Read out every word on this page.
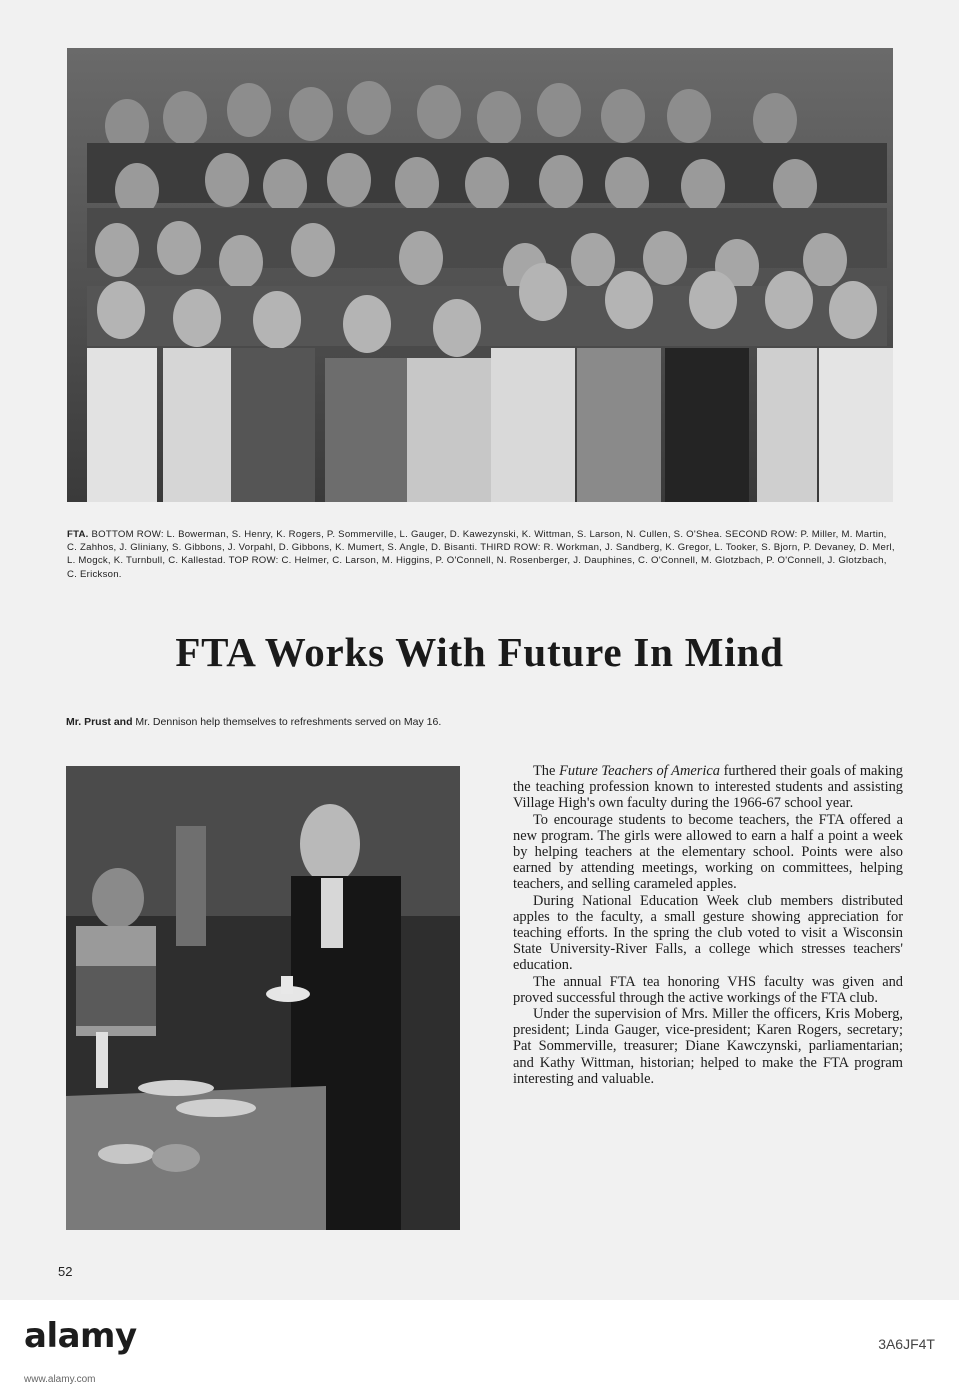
FTA. BOTTOM ROW: L. Bowerman, S. Henry, K. Rogers, P. Sommerville, L. Gauger, D. Kawezynski, K. Wittman, S. Larson, N. Cullen, S. O'Shea. SECOND ROW: P. Miller, M. Martin, C. Zahhos, J. Gliniany, S. Gibbons, J. Vorpahl, D. Gibbons, K. Mumert, S. Angle, D. Bisanti. THIRD ROW: R. Workman, J. Sandberg, K. Gregor, L. Tooker, S. Bjorn, P. Devaney, D. Merl, L. Mogck, K. Turnbull, C. Kallestad. TOP ROW: C. Helmer, C. Larson, M. Higgins, P. O'Connell, N. Rosenberger, J. Dauphines, C. O'Connell, M. Glotzbach, P. O'Connell, J. Glotzbach, C. Erickson.
FTA Works With Future In Mind
Mr. Prust and Mr. Dennison help themselves to refreshments served on May 16.

The Future Teachers of America furthered their goals of making the teaching profession known to interested students and assisting Village High's own faculty during the 1966-67 school year.

To encourage students to become teachers, the FTA offered a new program. The girls were allowed to earn a half a point a week by helping teachers at the elementary school. Points were also earned by attending meetings, working on committees, helping teachers, and selling carameled apples.

During National Education Week club members distributed apples to the faculty, a small gesture showing appreciation for teaching efforts. In the spring the club voted to visit a Wisconsin State University-River Falls, a college which stresses teachers' education.

The annual FTA tea honoring VHS faculty was given and proved successful through the active workings of the FTA club.

Under the supervision of Mrs. Miller the officers, Kris Moberg, president; Linda Gauger, vice-president; Karen Rogers, secretary; Pat Sommerville, treasurer; Diane Kawczynski, parliamentarian; and Kathy Wittman, historian; helped to make the FTA program interesting and valuable.

52
alamy	3A6JF4T
www.alamy.com
